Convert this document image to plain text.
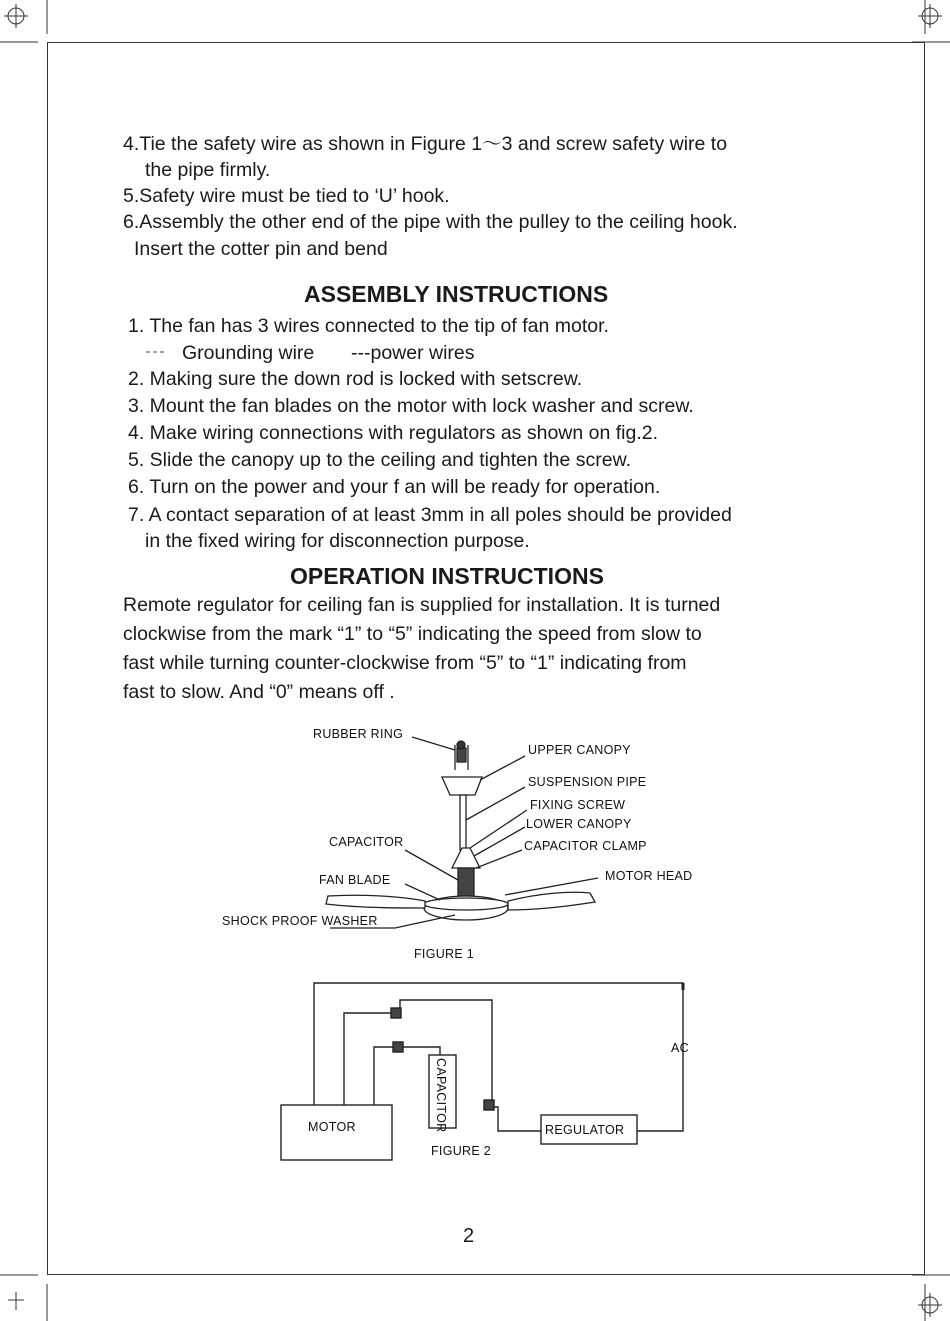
4.Tie the safety wire as shown in Figure 1～3 and screw safety wire to
the pipe firmly.
5.Safety wire must be tied to ‘U’ hook.
6.Assembly the other end of the pipe with the pulley to the ceiling hook.
Insert the cotter pin and bend
ASSEMBLY INSTRUCTIONS
1. The fan has 3 wires connected to the tip of fan motor.
Grounding wire ---power wires
2. Making sure the down rod is locked with setscrew.
3. Mount the fan blades on the motor with lock washer and screw.
4. Make wiring connections with regulators as shown on fig.2.
5. Slide the canopy up to the ceiling and tighten the screw.
6. Turn on the power and your f an will be ready for operation.
7. A contact separation of at least 3mm in all poles should be provided
in the fixed wiring for disconnection purpose.
OPERATION INSTRUCTIONS
Remote regulator for ceiling fan is supplied for installation. It is turned
clockwise from the mark “1” to “5” indicating the speed from slow to
fast while turning counter-clockwise from “5” to “1” indicating from
fast to slow. And “0” means off .
RUBBER RING
UPPER CANOPY
SUSPENSION PIPE
FIXING SCREW
LOWER CANOPY
CAPACITOR CLAMP
CAPACITOR
MOTOR HEAD
FAN BLADE
SHOCK PROOF WASHER
FIGURE 1
MOTOR	REGULATOR
AC
CAPACITOR
FIGURE 2
2
